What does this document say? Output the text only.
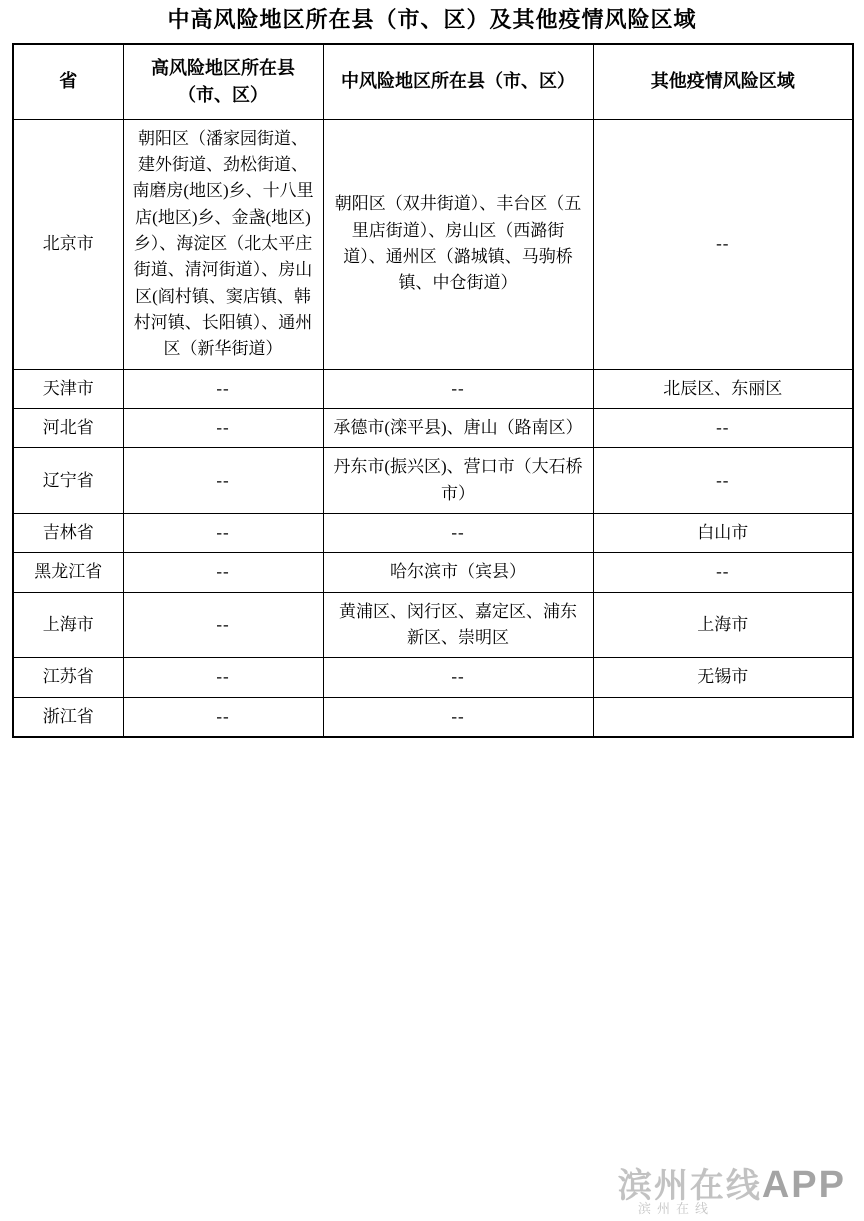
中高风险地区所在县（市、区）及其他疫情风险区域
省	高风险地区所在县（市、区）	中风险地区所在县（市、区）	其他疫情风险区域
北京市	朝阳区（潘家园街道、建外街道、劲松街道、南磨房(地区)乡、十八里店(地区)乡、金盏(地区)乡）、海淀区（北太平庄街道、清河街道）、房山区(阎村镇、窦店镇、韩村河镇、长阳镇）、通州区（新华街道）	朝阳区（双井街道）、丰台区（五里店街道）、房山区（西潞街道）、通州区（潞城镇、马驹桥镇、中仓街道）	--
天津市	--	--	北辰区、东丽区
河北省	--	承德市(滦平县)、唐山（路南区）	--
辽宁省	--	丹东市(振兴区)、营口市（大石桥市）	--
吉林省	--	--	白山市
黑龙江省	--	哈尔滨市（宾县）	--
上海市	--	黄浦区、闵行区、嘉定区、浦东新区、崇明区	上海市
江苏省	--	--	无锡市
浙江省	--	--	
滨州在线APP
滨州在线
